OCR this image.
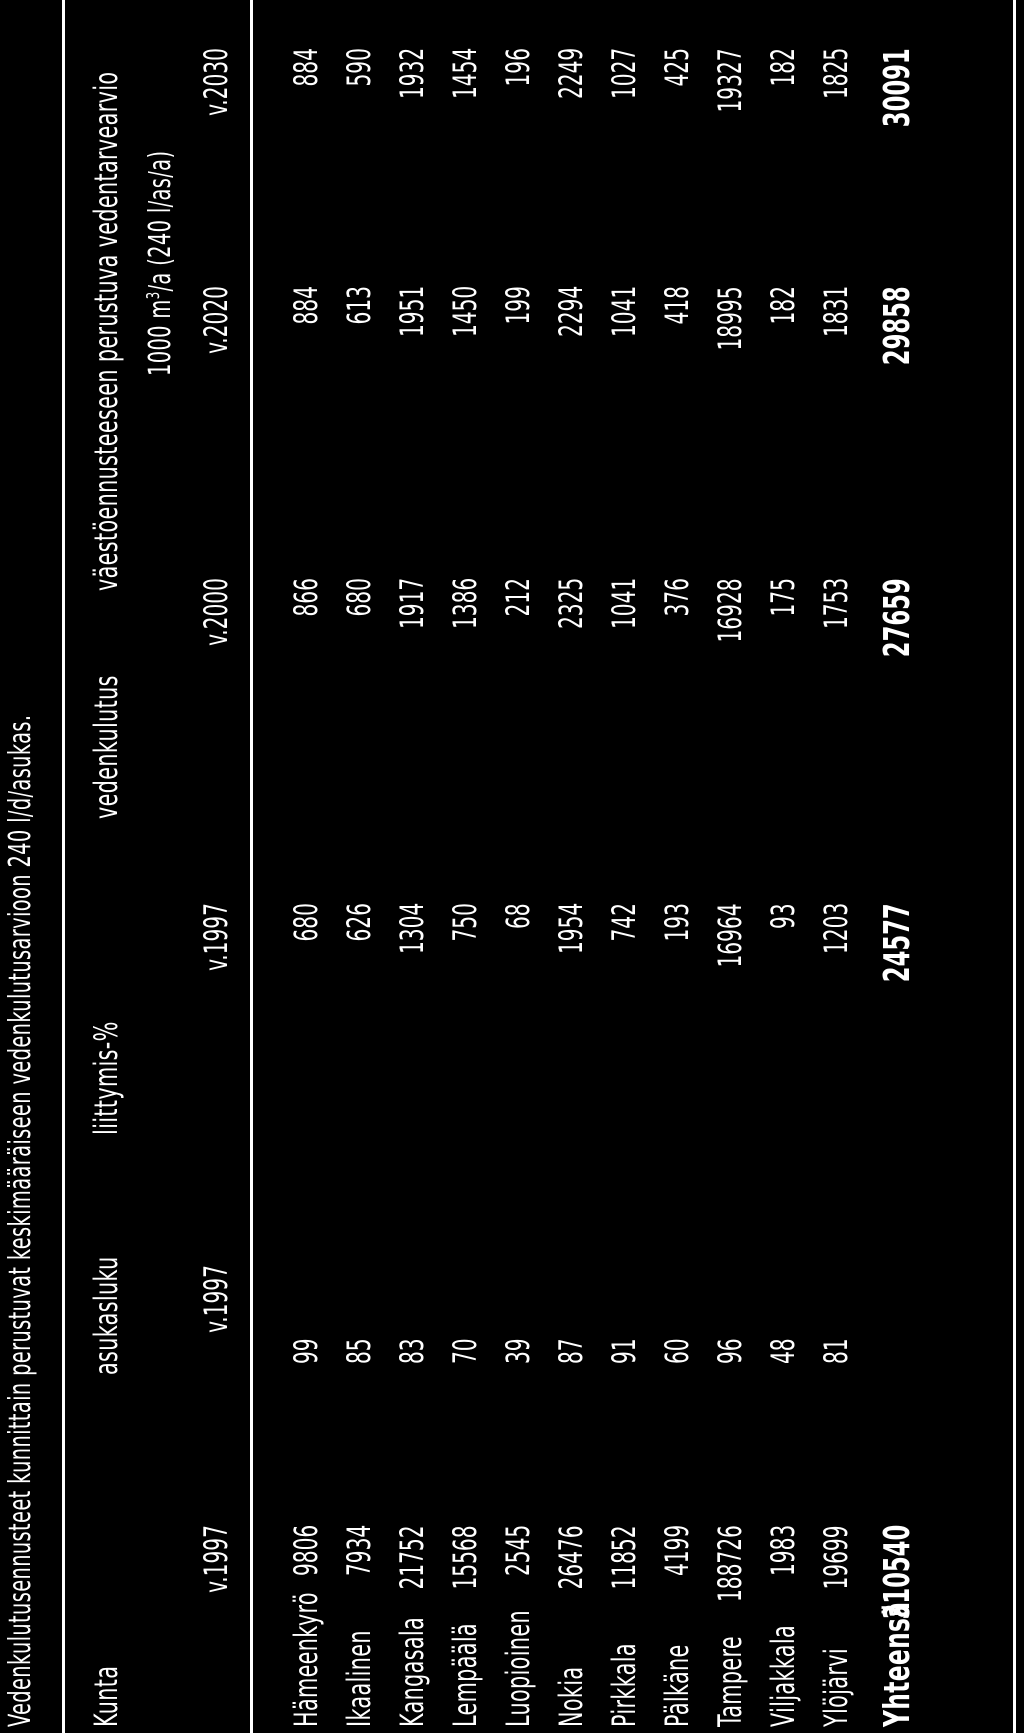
Vedenkulutusennusteet kunnittain perustuvat keskimääräiseen vedenkulutusarvioon 240 l/d/asukas. Kunta
asukasluku
liittymis-%
vedenkulutus
väestöennusteeseen perustuva vedentarvearvio 1000 $m^3/a$ (240 l/as/a)
v.1997
v.1997
v.1997
v.2000
v.2020
v.2030
Hämeenkyrö
9806
99
680
866
884
884
Ikaalinen
7934
85
626
680
613
590
Kangasala
21752
83
1304
1917
1951
1932
Lempäälä
15568
70
750
1386
1450
1454
Luopioinen
2545
39
68
212
199
196
Nokia
26476
87
1954
2325
2294
2249
Pirkkala
11852
91
742
1041
1041
1027
Pälkäne
4199
60
193
376
418
425
Tampere
188726
96
16964
16928
18995
19327
Viljakkala
1983
48
93
175
182
182
Ylöjärvi
19699
81
1203
1753
1831
1825
Yhteensä
310540
24577
27659
29858
30091
